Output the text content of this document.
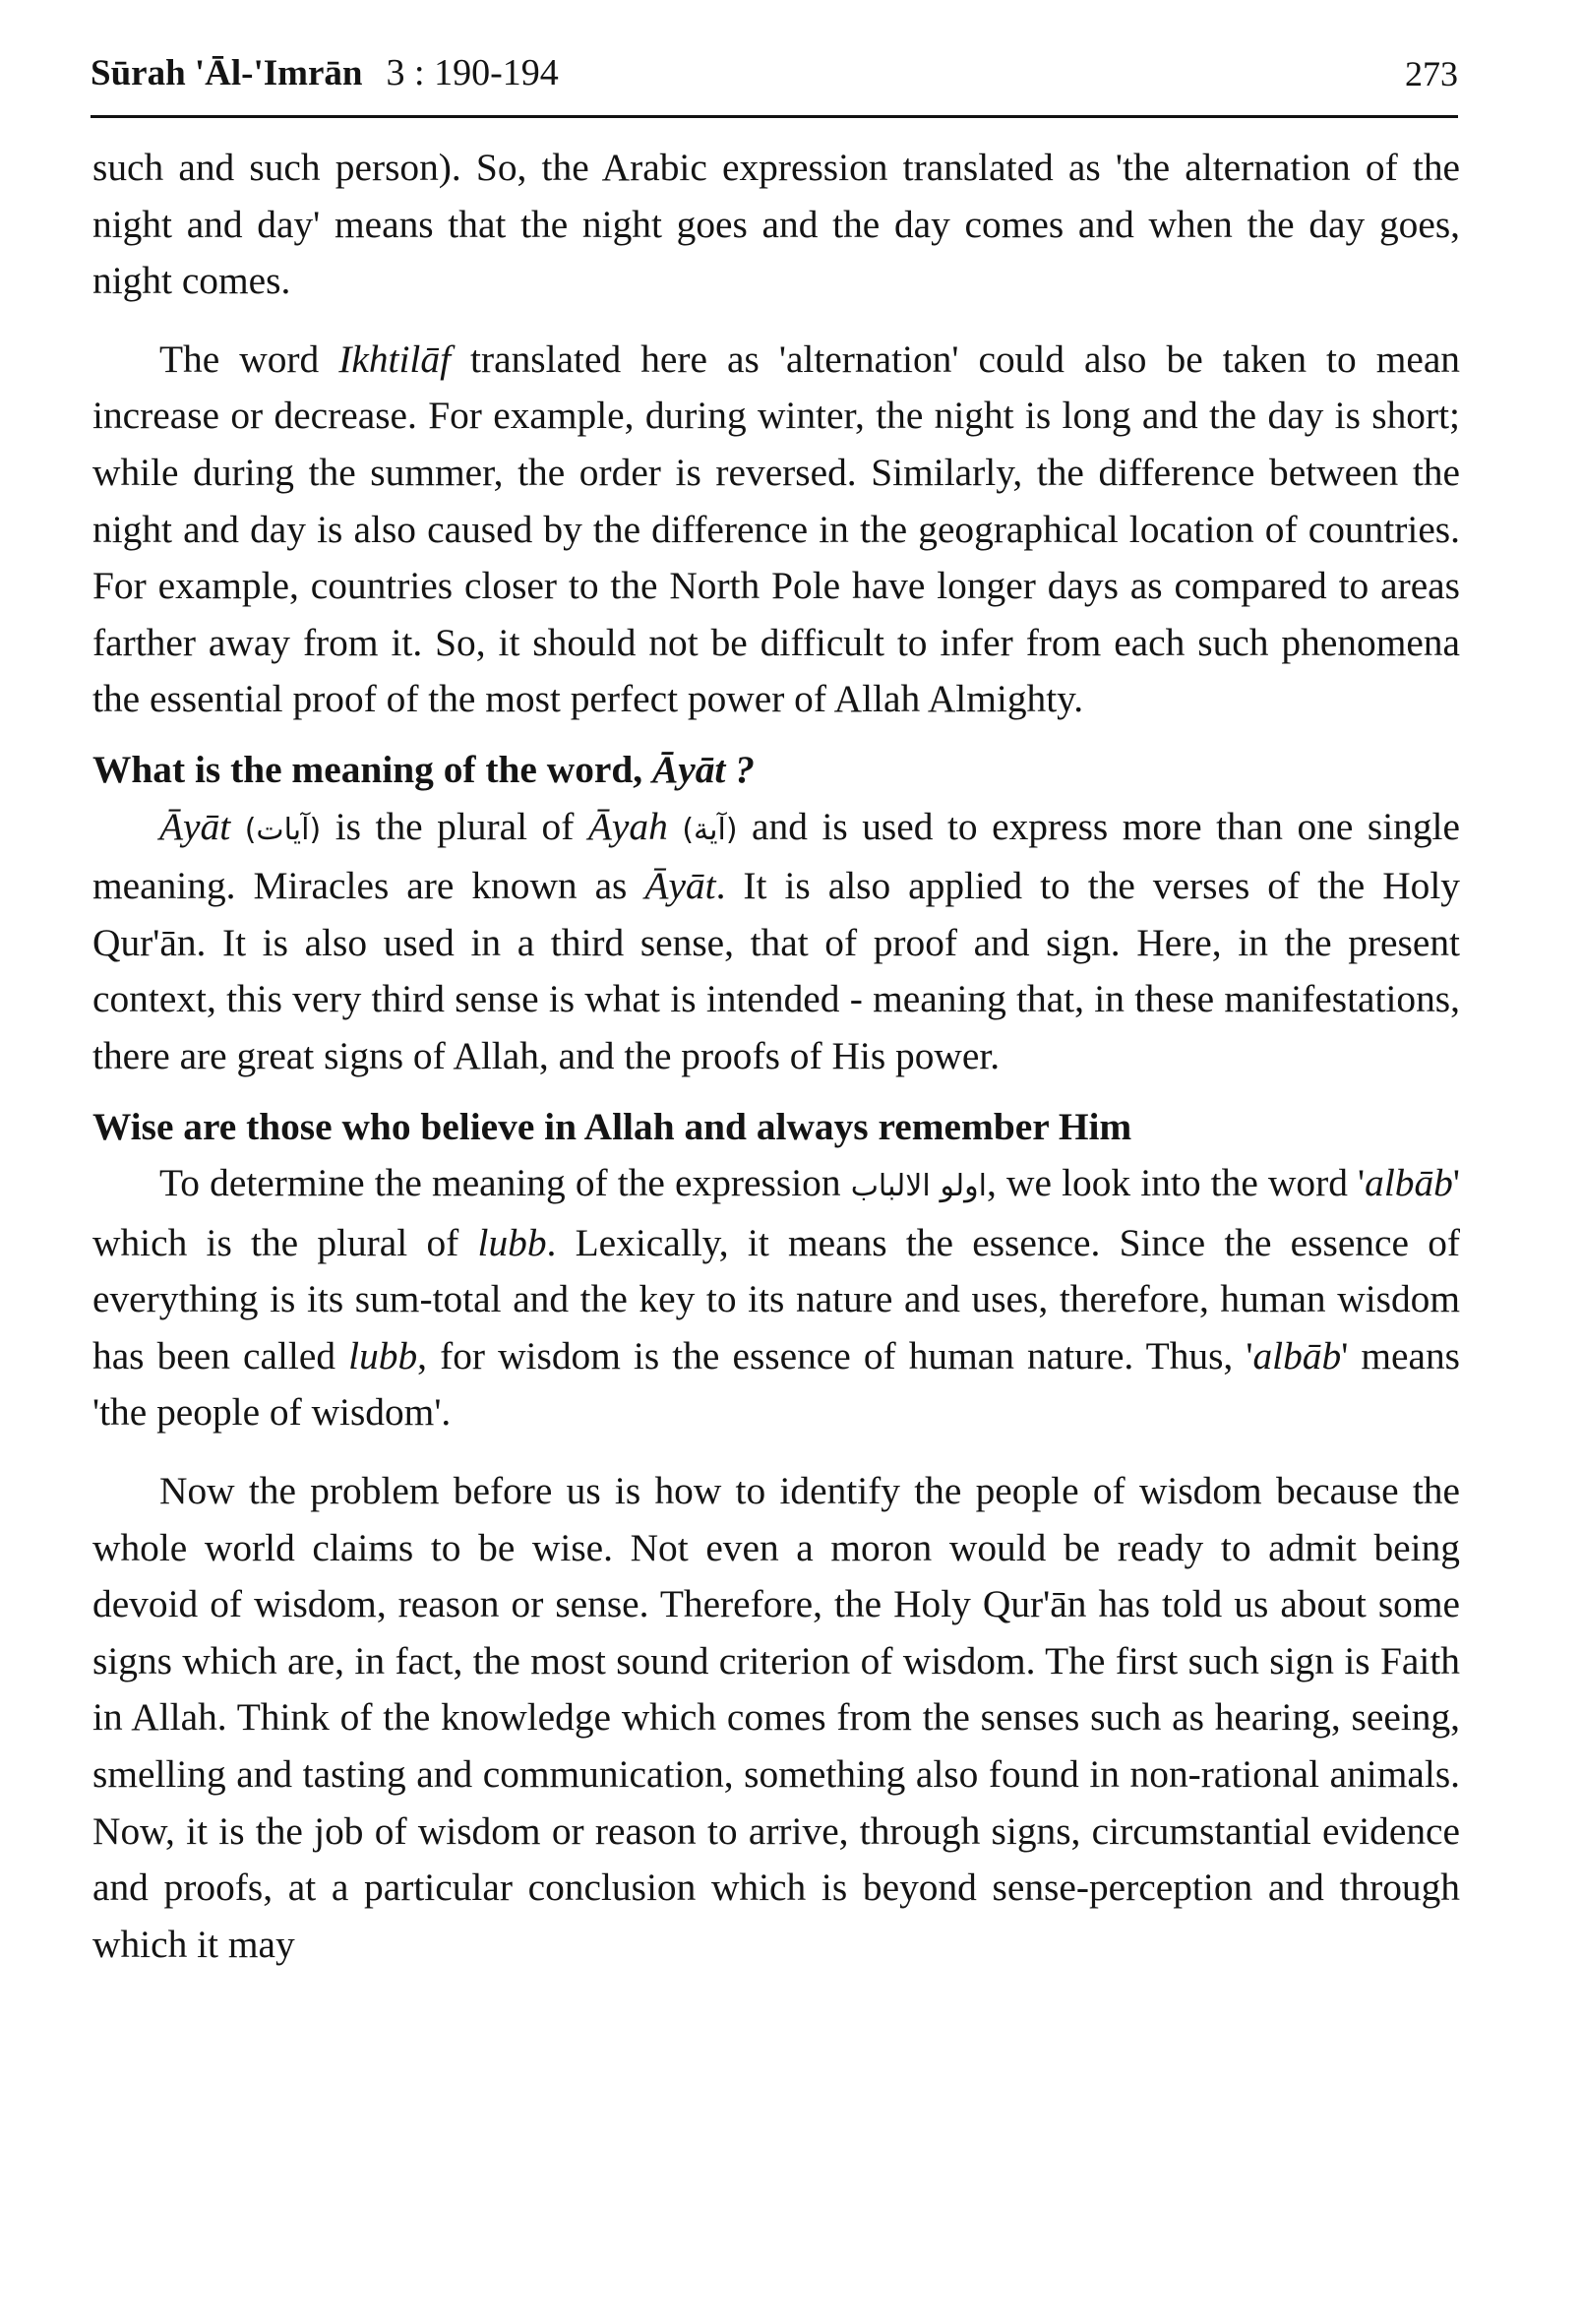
Sūrah 'Āl-'Imrān 3 : 190-194	273

such and such person). So, the Arabic expression translated as 'the alternation of the night and day' means that the night goes and the day comes and when the day goes, night comes.

The word Ikhtilāf translated here as 'alternation' could also be taken to mean increase or decrease. For example, during winter, the night is long and the day is short; while during the summer, the order is reversed. Similarly, the difference between the night and day is also caused by the difference in the geographical location of countries. For example, countries closer to the North Pole have longer days as compared to areas farther away from it. So, it should not be difficult to infer from each such phenomena the essential proof of the most perfect power of Allah Almighty.

What is the meaning of the word, Āyāt ?

Āyāt (آيات) is the plural of Āyah (آية) and is used to express more than one single meaning. Miracles are known as Āyāt. It is also applied to the verses of the Holy Qur'ān. It is also used in a third sense, that of proof and sign. Here, in the present context, this very third sense is what is intended - meaning that, in these manifestations, there are great signs of Allah, and the proofs of His power.

Wise are those who believe in Allah and always remember Him

To determine the meaning of the expression اولو الالباب, we look into the word 'albāb' which is the plural of lubb. Lexically, it means the essence. Since the essence of everything is its sum-total and the key to its nature and uses, therefore, human wisdom has been called lubb, for wisdom is the essence of human nature. Thus, 'albāb' means 'the people of wisdom'.

Now the problem before us is how to identify the people of wisdom because the whole world claims to be wise. Not even a moron would be ready to admit being devoid of wisdom, reason or sense. Therefore, the Holy Qur'ān has told us about some signs which are, in fact, the most sound criterion of wisdom. The first such sign is Faith in Allah. Think of the knowledge which comes from the senses such as hearing, seeing, smelling and tasting and communication, something also found in non-rational animals. Now, it is the job of wisdom or reason to arrive, through signs, circumstantial evidence and proofs, at a particular conclusion which is beyond sense-perception and through which it may
